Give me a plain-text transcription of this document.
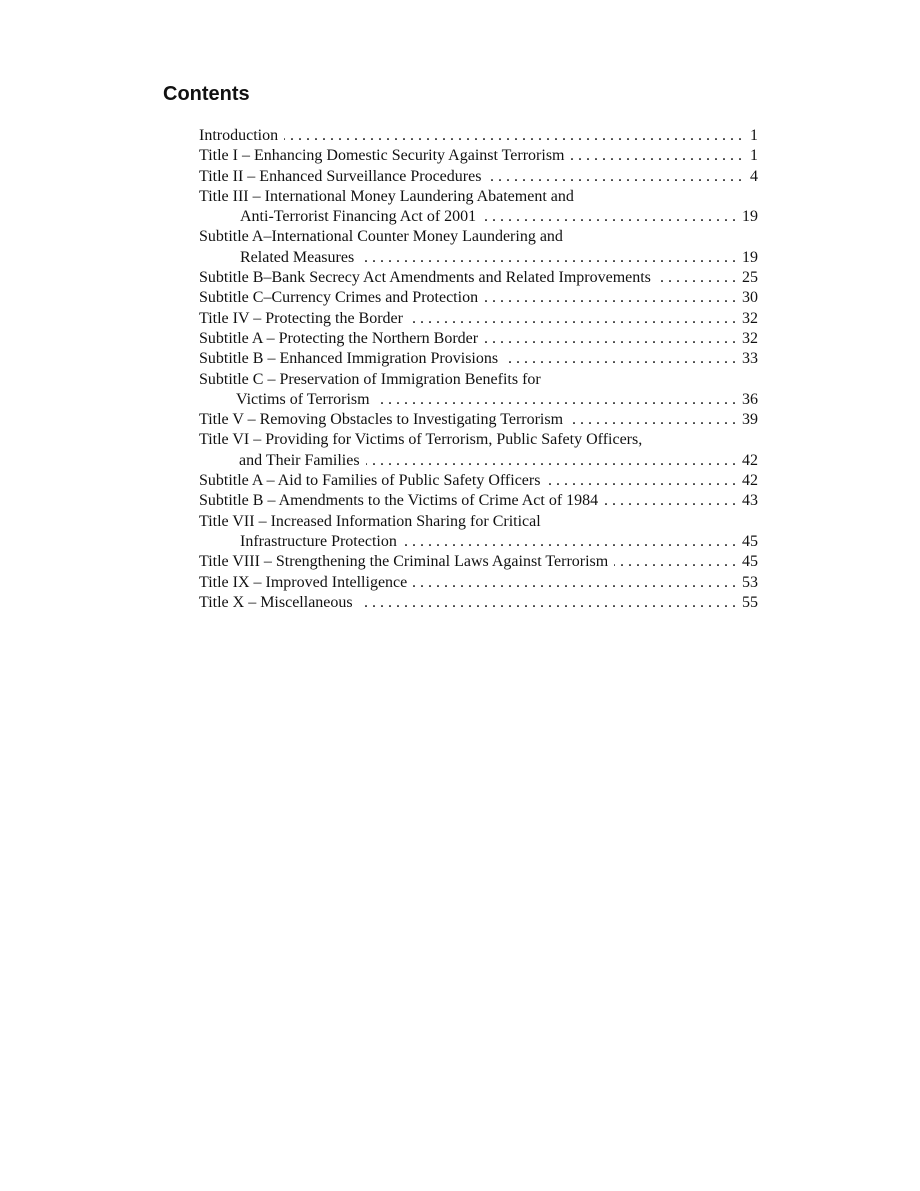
Contents
Introduction . . .	1
Title I – Enhancing Domestic Security Against Terrorism . . .	1
Title II – Enhanced Surveillance Procedures . . .	4
Title III – International Money Laundering Abatement and
Anti-Terrorist Financing Act of 2001 . . .	19
Subtitle A–International Counter Money Laundering and
Related Measures . . .	19
Subtitle B–Bank Secrecy Act Amendments and Related Improvements . . .	25
Subtitle C–Currency Crimes and Protection . . .	30
Title IV – Protecting the Border . . .	32
Subtitle A – Protecting the Northern Border . . .	32
Subtitle B – Enhanced Immigration Provisions . . .	33
Subtitle C – Preservation of Immigration Benefits for
Victims of Terrorism . . .	36
Title V – Removing Obstacles to Investigating Terrorism . . .	39
Title VI – Providing for Victims of Terrorism, Public Safety Officers,
and Their Families . . .	42
Subtitle A – Aid to Families of Public Safety Officers . . .	42
Subtitle B – Amendments to the Victims of Crime Act of 1984 . . .	43
Title VII – Increased Information Sharing for Critical
Infrastructure Protection . . .	45
Title VIII – Strengthening the Criminal Laws Against Terrorism . . .	45
Title IX – Improved Intelligence . . .	53
Title X – Miscellaneous . . .	55
